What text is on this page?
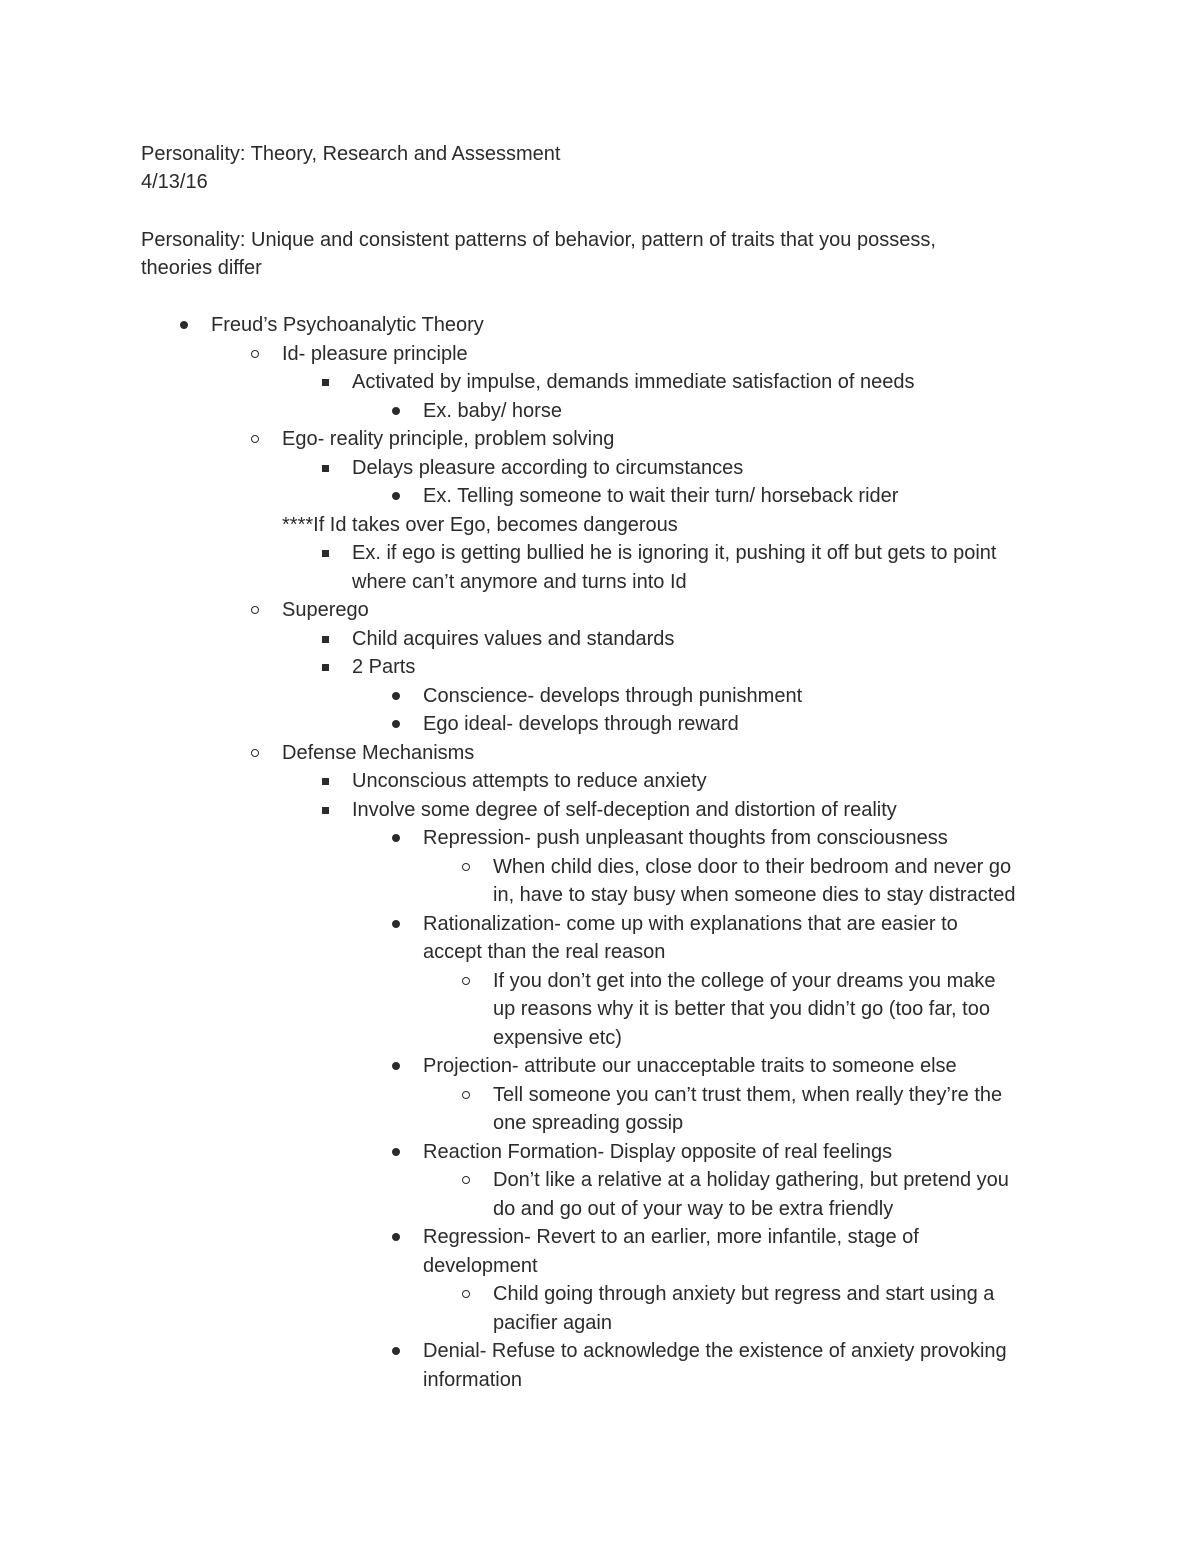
Personality: Theory, Research and Assessment
4/13/16
Personality: Unique and consistent patterns of behavior, pattern of traits that you possess,
theories differ
Freud’s Psychoanalytic Theory
Id- pleasure principle
Activated by impulse, demands immediate satisfaction of needs
Ex. baby/ horse
Ego- reality principle, problem solving
Delays pleasure according to circumstances
Ex. Telling someone to wait their turn/ horseback rider
****If Id takes over Ego, becomes dangerous
Ex. if ego is getting bullied he is ignoring it, pushing it off but gets to point
where can’t anymore and turns into Id
Superego
Child acquires values and standards
2 Parts
Conscience- develops through punishment
Ego ideal- develops through reward
Defense Mechanisms
Unconscious attempts to reduce anxiety
Involve some degree of self-deception and distortion of reality
Repression- push unpleasant thoughts from consciousness
When child dies, close door to their bedroom and never go
in, have to stay busy when someone dies to stay distracted
Rationalization- come up with explanations that are easier to
accept than the real reason
If you don’t get into the college of your dreams you make
up reasons why it is better that you didn’t go (too far, too
expensive etc)
Projection- attribute our unacceptable traits to someone else
Tell someone you can’t trust them, when really they’re the
one spreading gossip
Reaction Formation- Display opposite of real feelings
Don’t like a relative at a holiday gathering, but pretend you
do and go out of your way to be extra friendly
Regression- Revert to an earlier, more infantile, stage of
development
Child going through anxiety but regress and start using a
pacifier again
Denial- Refuse to acknowledge the existence of anxiety provoking
information
